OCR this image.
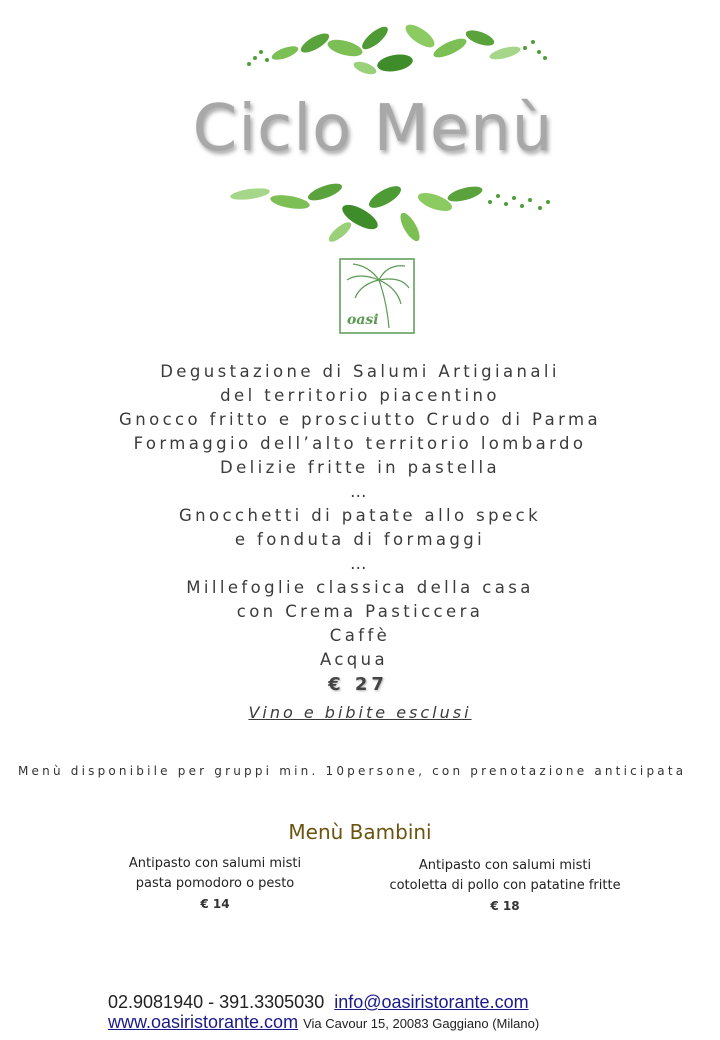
Ciclo Menù
oasi
Degustazione di Salumi Artigianali
del territorio piacentino
Gnocco fritto e prosciutto Crudo di Parma
Formaggio dell’alto territorio lombardo
Delizie fritte in pastella
…
Gnocchetti di patate allo speck
e fonduta di formaggi
…
Millefoglie classica della casa
con Crema Pasticcera
Caffè
Acqua
€ 27
Vino e bibite esclusi
Menù disponibile per gruppi min. 10persone, con prenotazione anticipata
Menù Bambini
Antipasto con salumi misti
pasta pomodoro o pesto
€ 14
Antipasto con salumi misti
cotoletta di pollo con patatine fritte
€ 18
02.9081940 - 391.3305030 info@oasiristorante.com
www.oasiristorante.com Via Cavour 15, 20083 Gaggiano (Milano)
